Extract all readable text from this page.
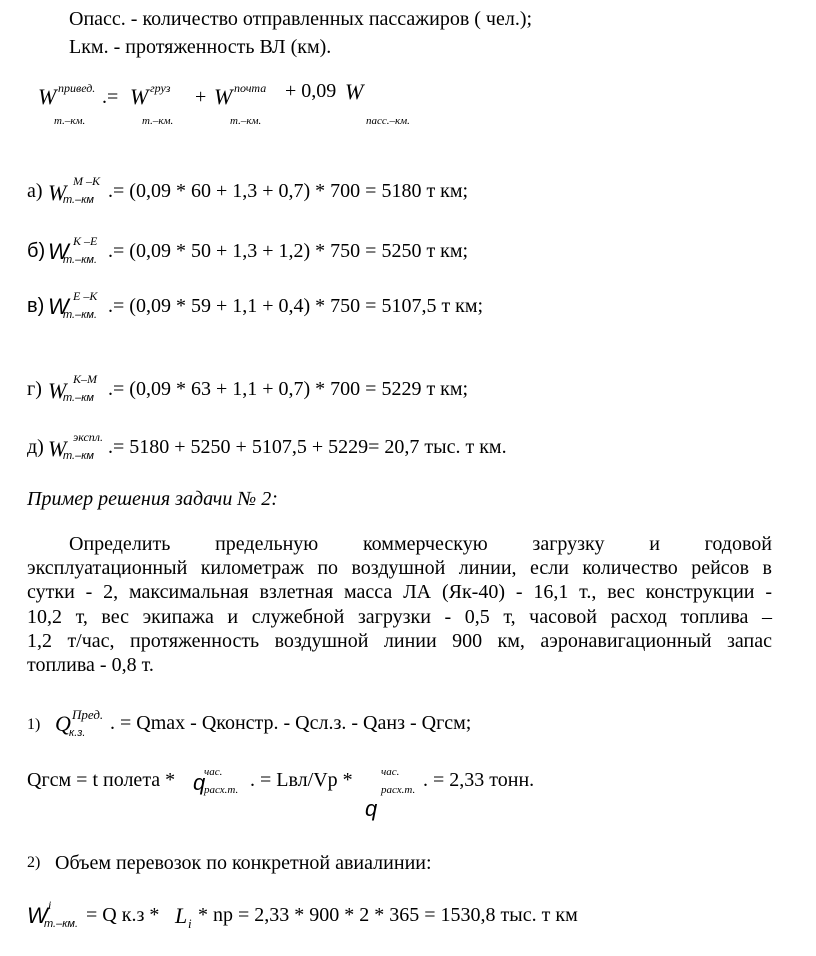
Опасс. - количество отправленных пассажиров ( чел.);
Lкм. - протяженность ВЛ (км).
W привед.
т.–км.
.= W груз
т.–км.
+ W почта
т.–км.
+ 0,09 W
пасс.–км.
а) W М –К
т.–км .= (0,09 * 60 + 1,3 + 0,7) * 700 = 5180 т км;
б) W К –Е
т.–км. .= (0,09 * 50 + 1,3 + 1,2) * 750 = 5250 т км;
в) W Е –К
т.–км. .= (0,09 * 59 + 1,1 + 0,4) * 750 = 5107,5 т км;
г) W К–М
т.–км .= (0,09 * 63 + 1,1 + 0,7) * 700 = 5229 т км;
д) W экспл.
т.–км .= 5180 + 5250 + 5107,5 + 5229= 20,7 тыс. т км.
Пример решения задачи № 2:
Определить предельную коммерческую загрузку и годовой
эксплуатационный километраж по воздушной линии, если количество рейсов в
сутки - 2, максимальная взлетная масса ЛА (Як-40) - 16,1 т., вес конструкции -
10,2 т, вес экипажа и служебной загрузки - 0,5 т, часовой расход топлива –
1,2 т/час, протяженность воздушной линии 900 км, аэронавигационный запас
топлива - 0,8 т.
1) Q Пред.
к.з. . = Qmax - Qконстр. - Qсл.з. - Qанз - Qгсм;
Qгсм = t полета * q
час.
расх.т. . = Lвл/Vp *	час.
расх.т.
q
. = 2,33 тонн.
2) Объем перевозок по конкретной авиалинии:
W i
т.–км. = Q к.з * L i * np = 2,33 * 900 * 2 * 365 = 1530,8 тыс. т км
